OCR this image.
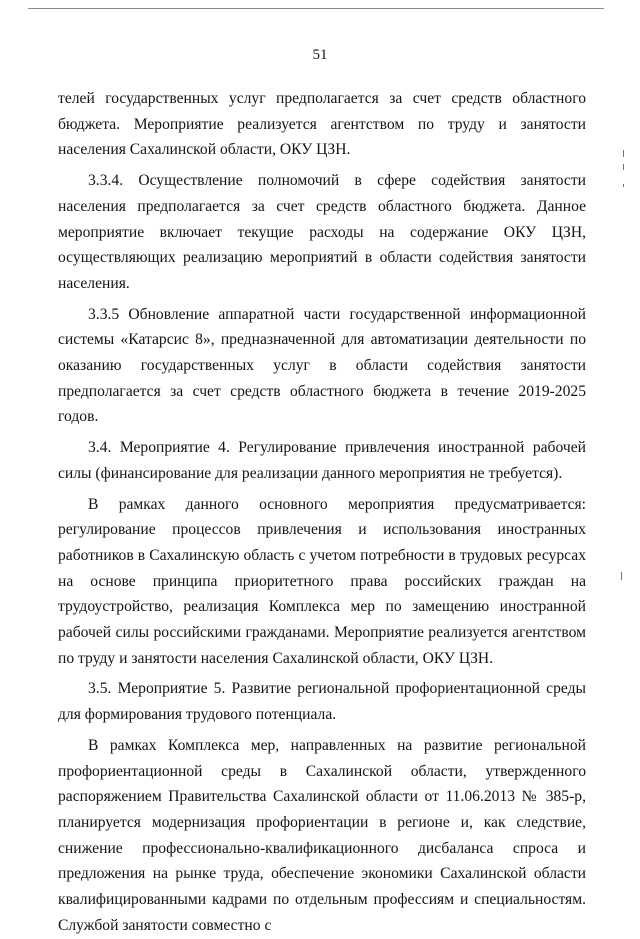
51

телей государственных услуг предполагается за счет средств областного бюджета. Мероприятие реализуется агентством по труду и занятости населения Сахалинской области, ОКУ ЦЗН.

3.3.4. Осуществление полномочий в сфере содействия занятости населения предполагается за счет средств областного бюджета. Данное мероприятие включает текущие расходы на содержание ОКУ ЦЗН, осуществляющих реализацию мероприятий в области содействия занятости населения.

3.3.5 Обновление аппаратной части государственной информационной системы «Катарсис 8», предназначенной для автоматизации деятельности по оказанию государственных услуг в области содействия занятости предполагается за счет средств областного бюджета в течение 2019-2025 годов.

3.4. Мероприятие 4. Регулирование привлечения иностранной рабочей силы (финансирование для реализации данного мероприятия не требуется).

В рамках данного основного мероприятия предусматривается: регулирование процессов привлечения и использования иностранных работников в Сахалинскую область с учетом потребности в трудовых ресурсах на основе принципа приоритетного права российских граждан на трудоустройство, реализация Комплекса мер по замещению иностранной рабочей силы российскими гражданами. Мероприятие реализуется агентством по труду и занятости населения Сахалинской области, ОКУ ЦЗН.

3.5. Мероприятие 5. Развитие региональной профориентационной среды для формирования трудового потенциала.

В рамках Комплекса мер, направленных на развитие региональной профориентационной среды в Сахалинской области, утвержденного распоряжением Правительства Сахалинской области от 11.06.2013 № 385-р, планируется модернизация профориентации в регионе и, как следствие, снижение профессионально-квалификационного дисбаланса спроса и предложения на рынке труда, обеспечение экономики Сахалинской области квалифицированными кадрами по отдельным профессиям и специальностям. Службой занятости совместно с
